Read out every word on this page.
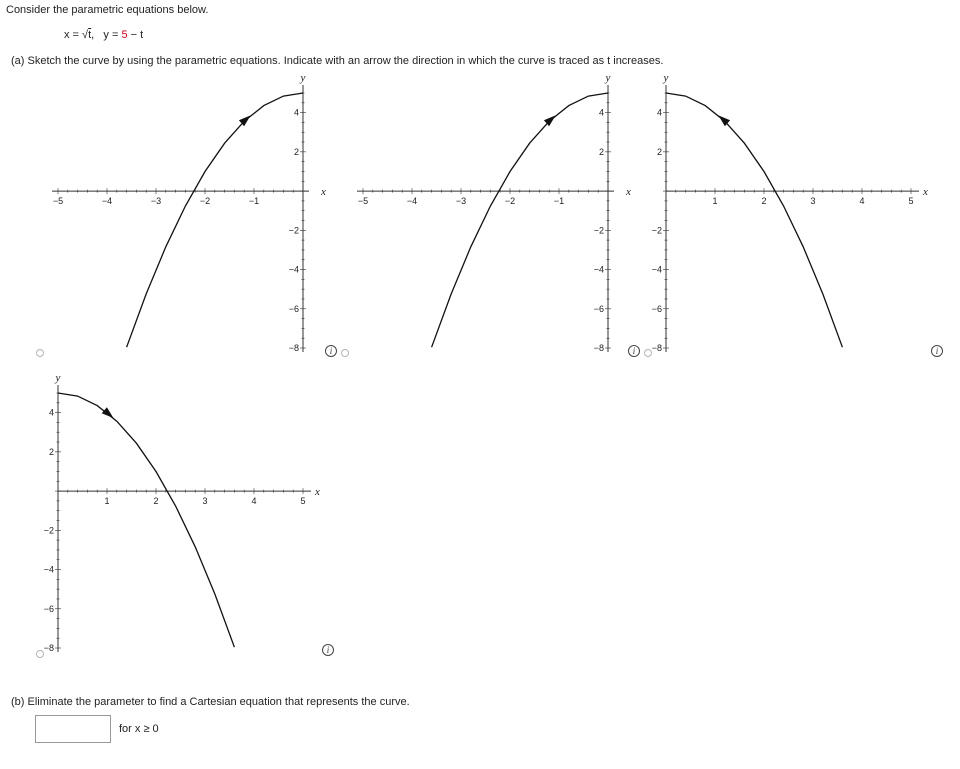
Consider the parametric equations below.
x = √t, y = 5 − t
(a) Sketch the curve by using the parametric equations. Indicate with an arrow the direction in which the curve is traced as t increases.
−5	−4	−3	−2	−1
4
2
−2
−4
−6
−8
x
y
i
−5	−4	−3	−2	−1
4
2
−2
−4
−6
−8
x
y
i
1	2	3	4	5
4
2
−2
−4
−6
−8
x
y
i
1	2	3	4	5
4
2
−2
−4
−6
−8
x
y
i
(b) Eliminate the parameter to find a Cartesian equation that represents the curve.
for x ≥ 0
